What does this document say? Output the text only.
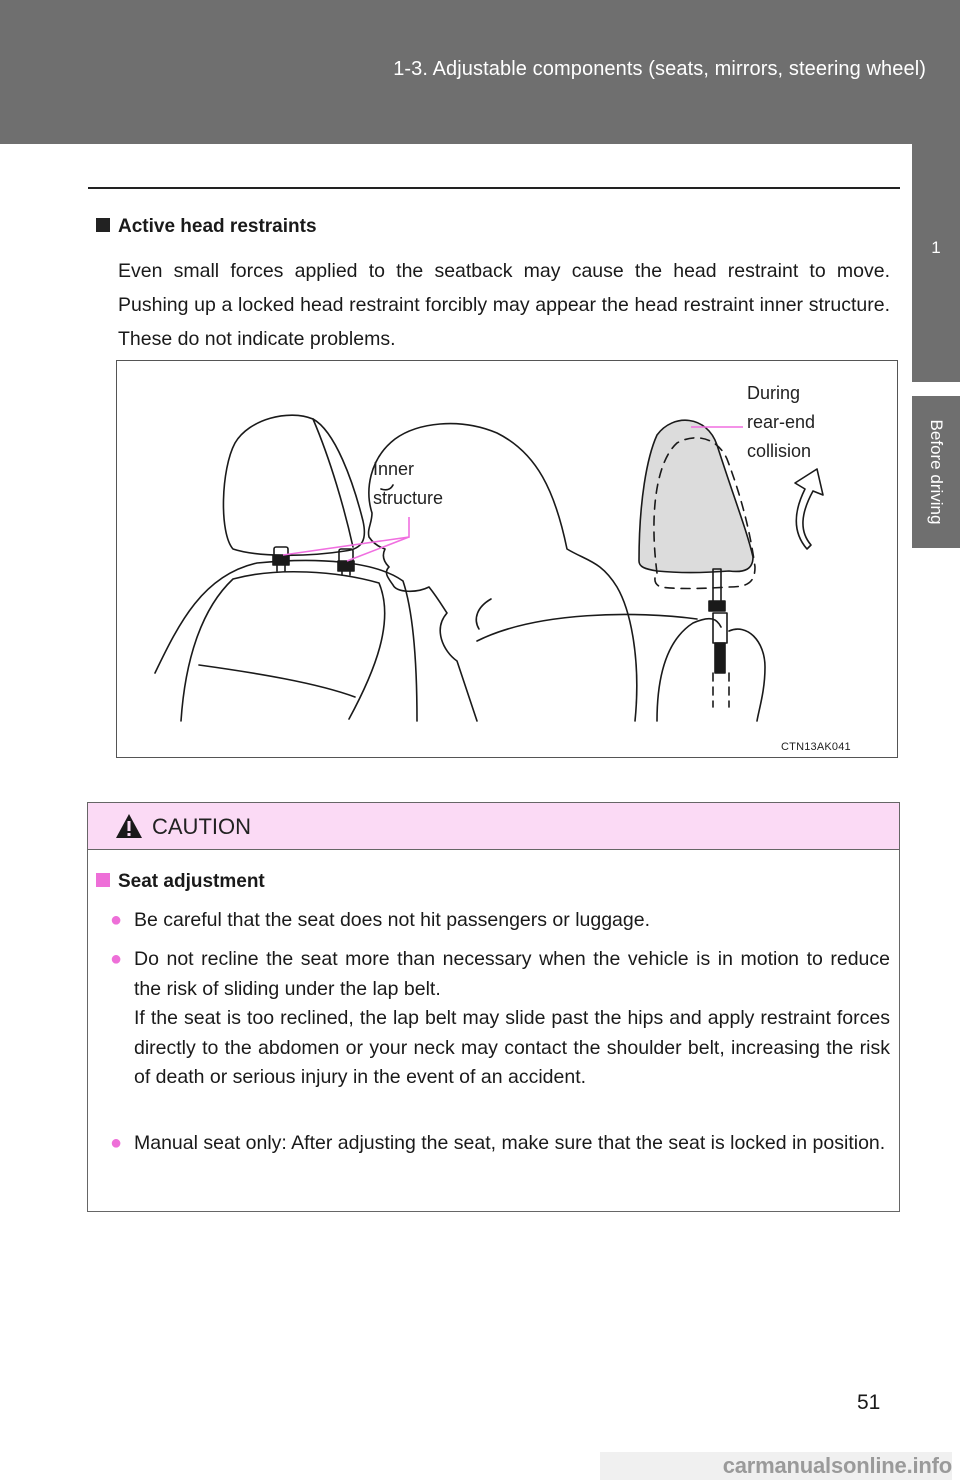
1-3. Adjustable components (seats, mirrors, steering wheel)
1
Before driving
Active head restraints
Even small forces applied to the seatback may cause the head restraint to move. Pushing up a locked head restraint forcibly may appear the head restraint inner structure. These do not indicate problems.
Inner
structure
During
rear-end
collision
CTN13AK041
CAUTION
Seat adjustment
● Be careful that the seat does not hit passengers or luggage.
● Do not recline the seat more than necessary when the vehicle is in motion to reduce the risk of sliding under the lap belt.
If the seat is too reclined, the lap belt may slide past the hips and apply restraint forces directly to the abdomen or your neck may contact the shoulder belt, increasing the risk of death or serious injury in the event of an accident.
● Manual seat only: After adjusting the seat, make sure that the seat is locked in position.
51
carmanualsonline.info
